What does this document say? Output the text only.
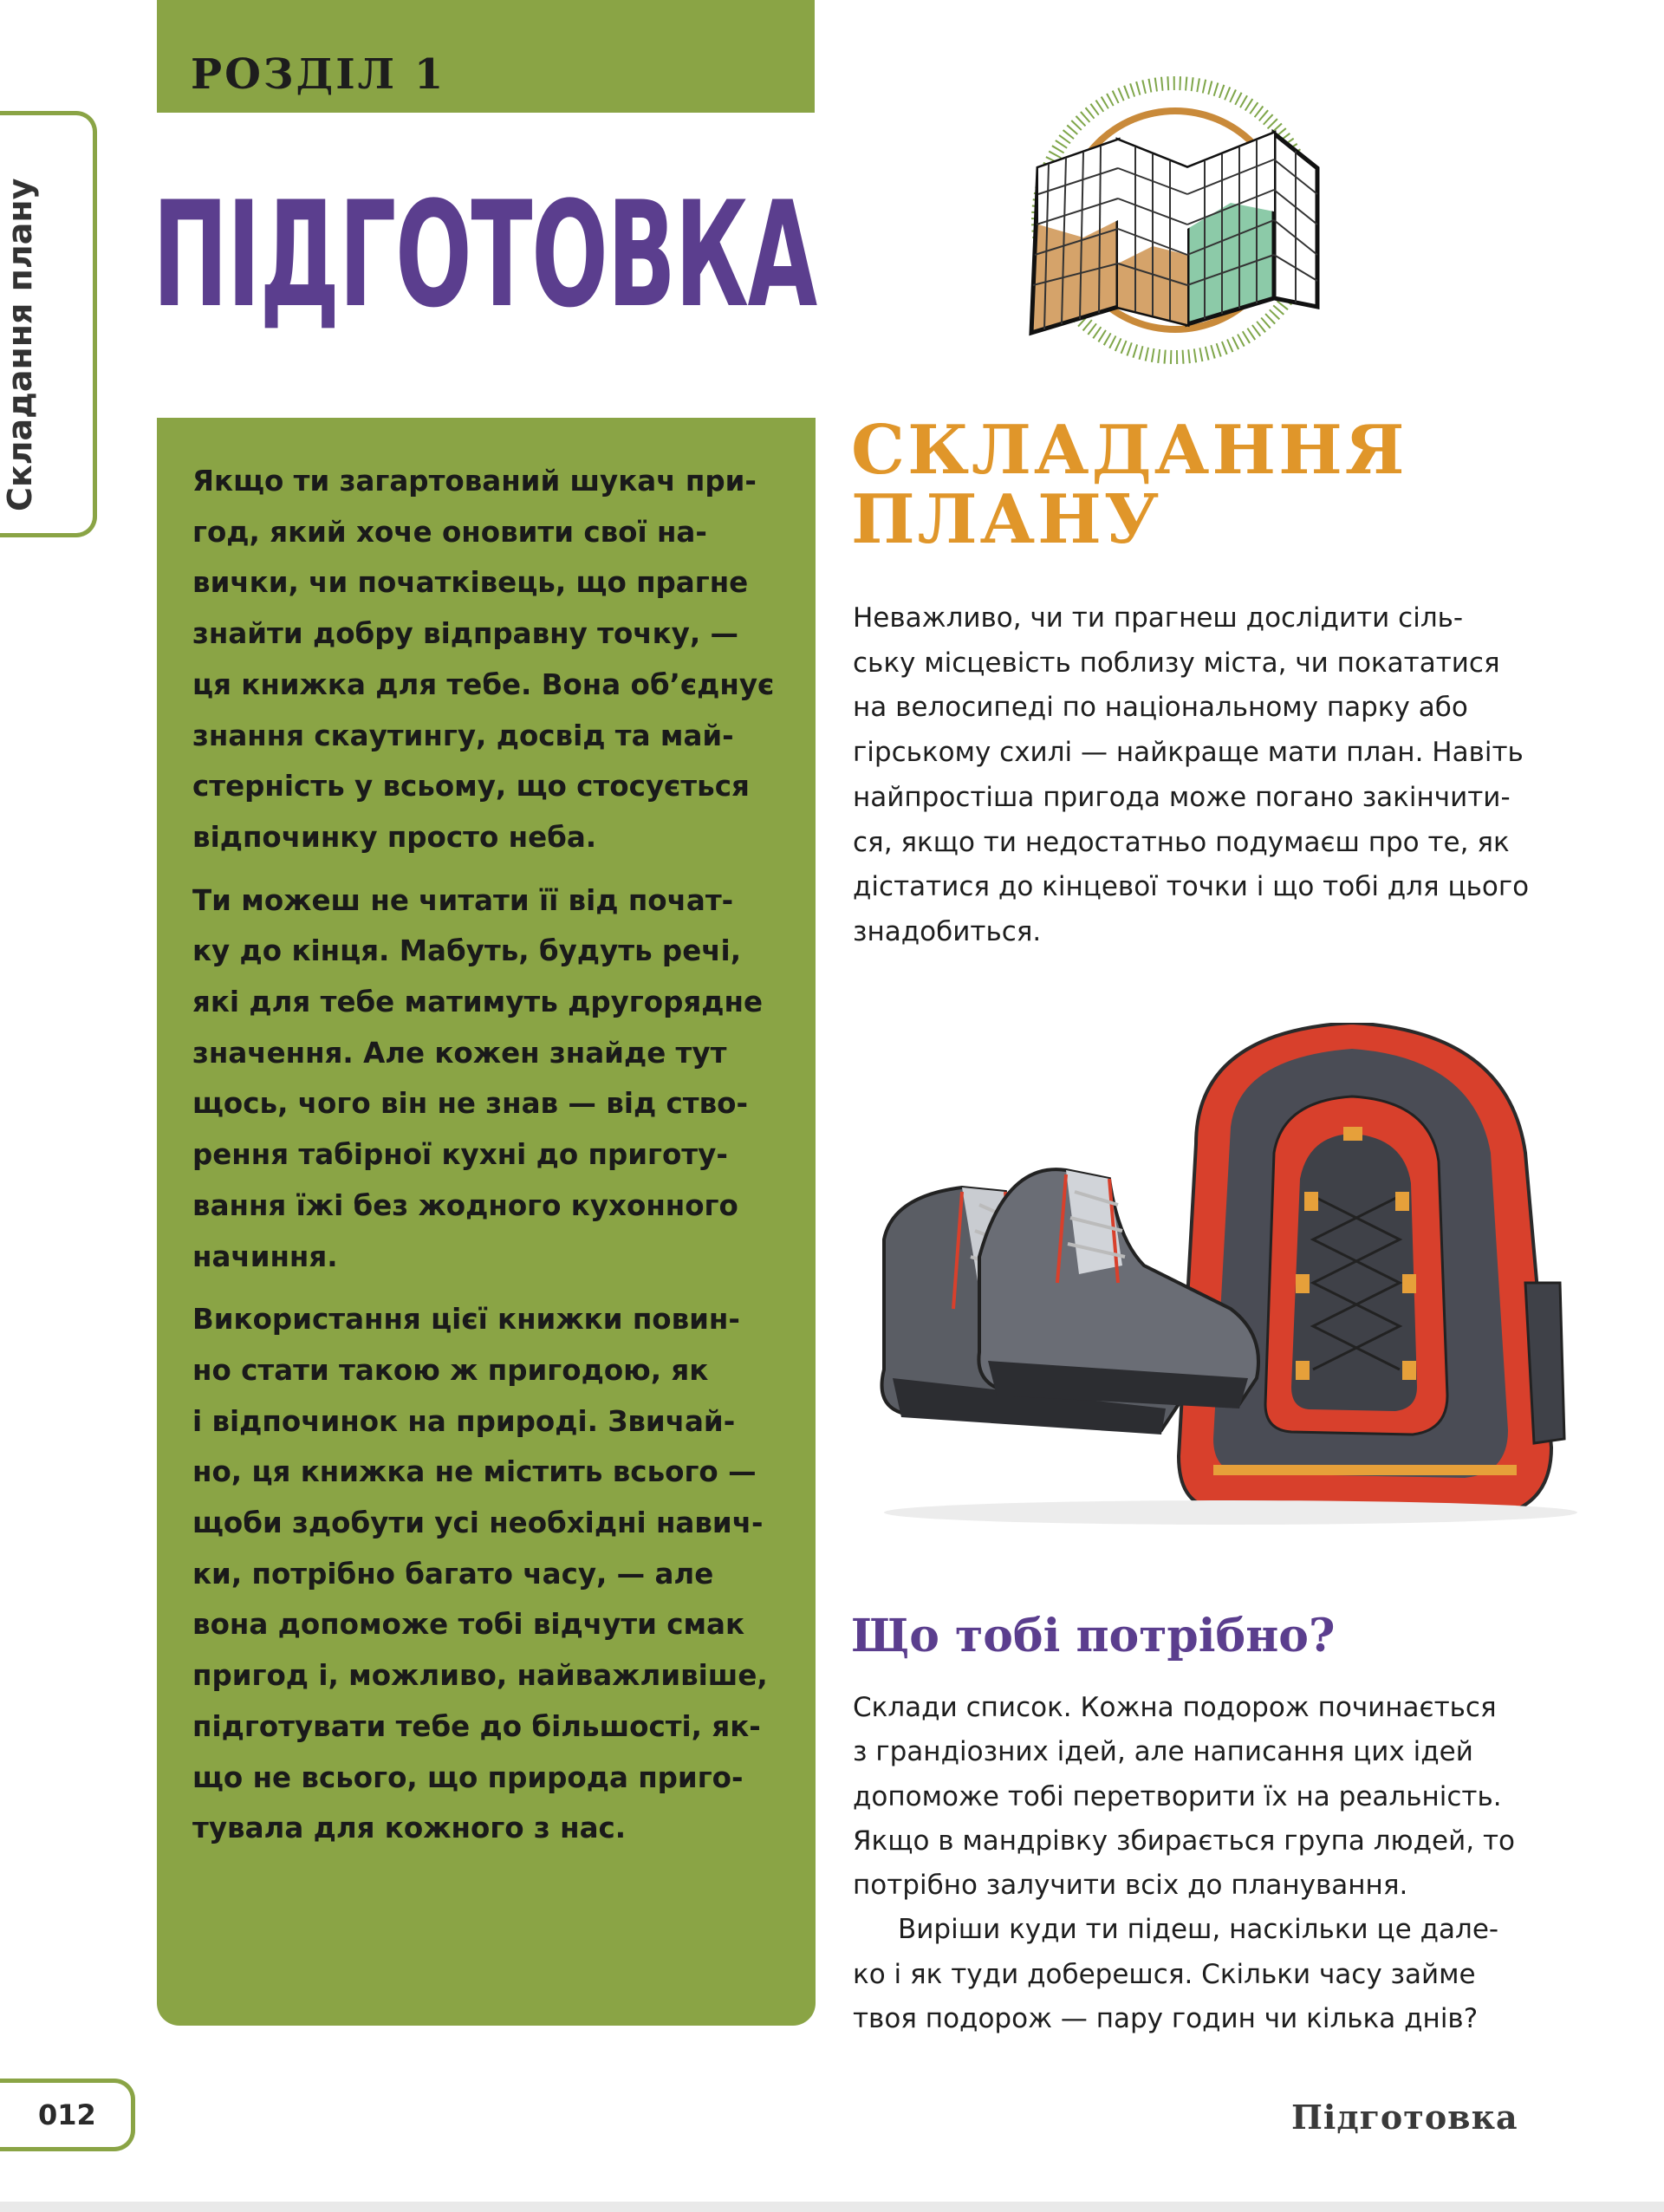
РОЗДІЛ 1
ПІДГОТОВКА
Складання плану	Якщо ти загартований шукач при-
год, який хоче оновити свої на-
вички, чи початківець, що прагне
знайти добру відправну точку, —
ця книжка для тебе. Вона об’єднує
знання скаутингу, досвід та май-
стерність у всьому, що стосується
відпочинку просто неба.

Ти можеш не читати її від почат-
ку до кінця. Мабуть, будуть речі,
які для тебе матимуть другорядне
значення. Але кожен знайде тут
щось, чого він не знав — від ство-
рення табірної кухні до приготу-
вання їжі без жодного кухонного
начиння.

Використання цієї книжки повин-
но стати такою ж пригодою, як
і відпочинок на природі. Звичай-
но, ця книжка не містить всього —
щоби здобути усі необхідні навич-
ки, потрібно багато часу, — але
вона допоможе тобі відчути смак
пригод і, можливо, найважливіше,
підготувати тебе до більшості, як-
що не всього, що природа приго-
тувала для кожного з нас.

СКЛАДАННЯ
ПЛАНУ

Неважливо, чи ти прагнеш дослідити сіль-
ську місцевість поблизу міста, чи покататися
на велосипеді по національному парку або
гірському схилі — найкраще мати план. Навіть
найпростіша пригода може погано закінчити-
ся, якщо ти недостатньо подумаєш про те, як
дістатися до кінцевої точки і що тобі для цього
знадобиться.

Що тобі потрібно?

Склади список. Кожна подорож починається
з грандіозних ідей, але написання цих ідей
допоможе тобі перетворити їх на реальність.
Якщо в мандрівку збирається група людей, то
потрібно залучити всіх до планування.

Виріши куди ти підеш, наскільки це дале-
ко і як туди доберешся. Скільки часу займе
твоя подорож — пару годин чи кілька днів?

012	Підготовка
